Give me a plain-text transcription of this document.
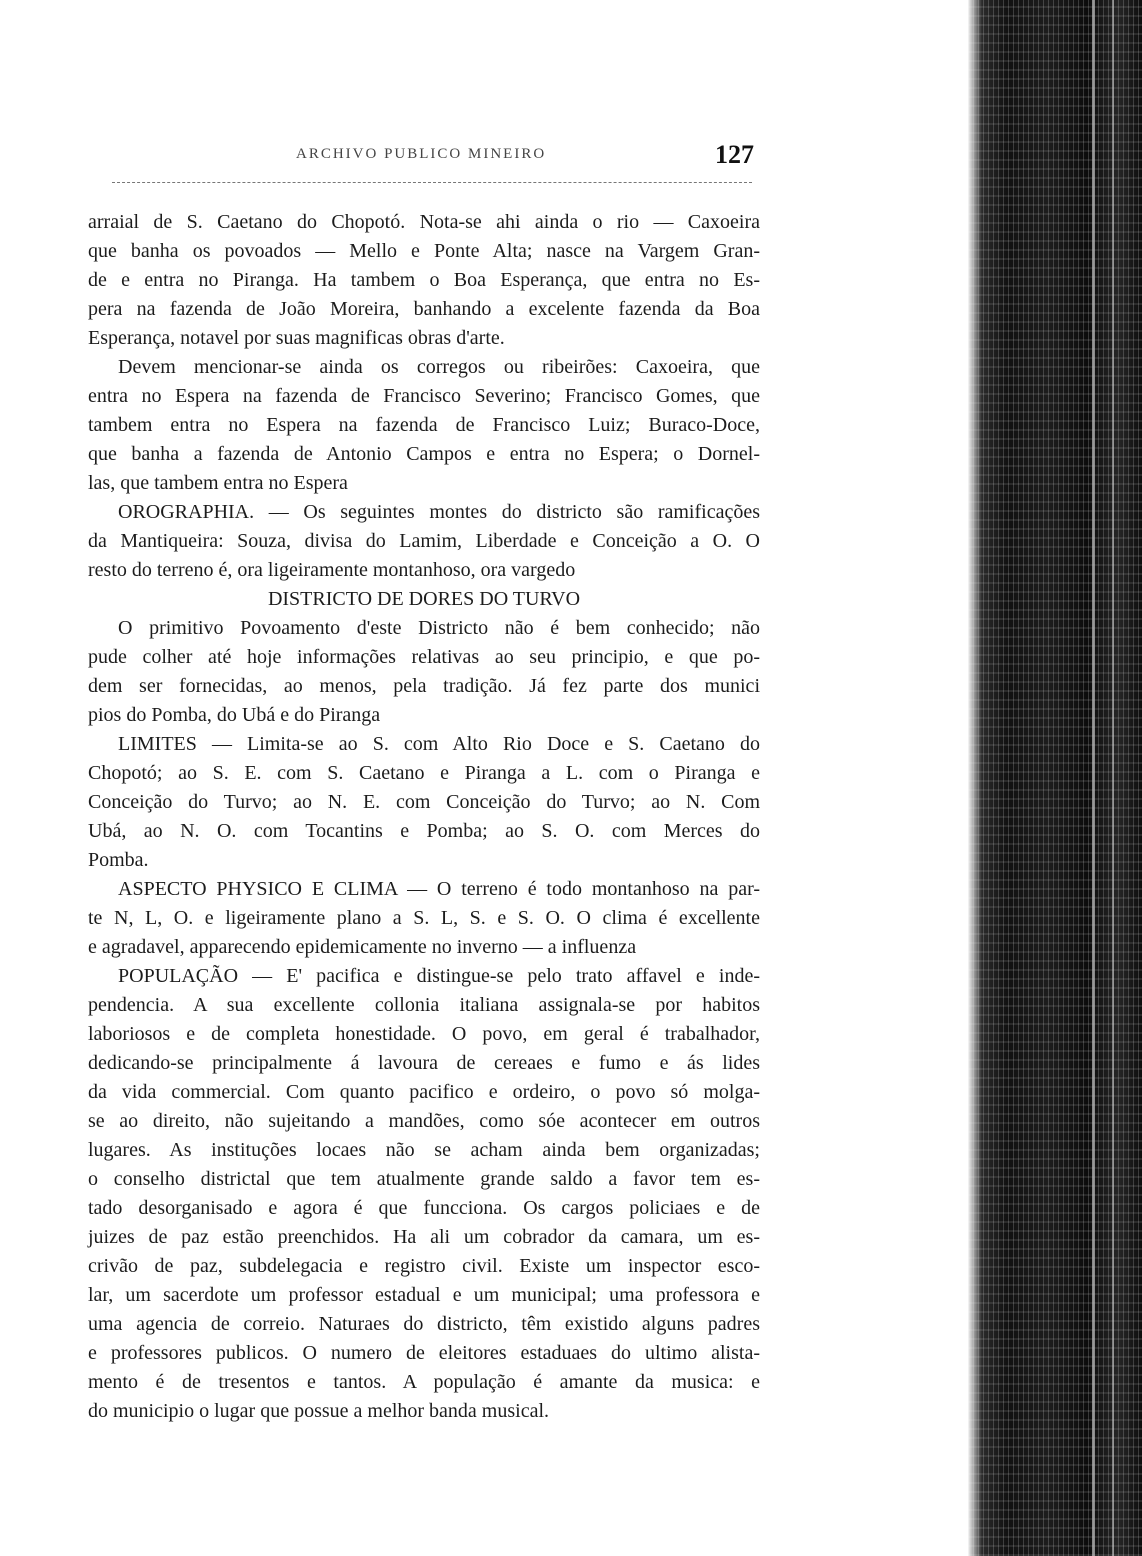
ARCHIVO PUBLICO MINEIRO	127
arraial de S. Caetano do Chopotó. Nota-se ahi ainda o rio — Caxoeira
que banha os povoados — Mello e Ponte Alta; nasce na Vargem Gran-
de e entra no Piranga. Ha tambem o Boa Esperança, que entra no Es-
pera na fazenda de João Moreira, banhando a excelente fazenda da Boa
Esperança, notavel por suas magnificas obras d'arte.
Devem mencionar-se ainda os corregos ou ribeirões: Caxoeira, que
entra no Espera na fazenda de Francisco Severino; Francisco Gomes, que
tambem entra no Espera na fazenda de Francisco Luiz; Buraco-Doce,
que banha a fazenda de Antonio Campos e entra no Espera; o Dornel-
las, que tambem entra no Espera
OROGRAPHIA. — Os seguintes montes do districto são ramificações
da Mantiqueira: Souza, divisa do Lamim, Liberdade e Conceição a O. O
resto do terreno é, ora ligeiramente montanhoso, ora vargedo
DISTRICTO DE DORES DO TURVO
O primitivo Povoamento d'este Districto não é bem conhecido; não
pude colher até hoje informações relativas ao seu principio, e que po-
dem ser fornecidas, ao menos, pela tradição. Já fez parte dos munici
pios do Pomba, do Ubá e do Piranga
LIMITES — Limita-se ao S. com Alto Rio Doce e S. Caetano do
Chopotó; ao S. E. com S. Caetano e Piranga a L. com o Piranga e
Conceição do Turvo; ao N. E. com Conceição do Turvo; ao N. Com
Ubá, ao N. O. com Tocantins e Pomba; ao S. O. com Merces do
Pomba.
ASPECTO PHYSICO E CLIMA — O terreno é todo montanhoso na par-
te N, L, O. e ligeiramente plano a S. L, S. e S. O. O clima é excellente
e agradavel, apparecendo epidemicamente no inverno — a influenza
POPULAÇÃO — E' pacifica e distingue-se pelo trato affavel e inde-
pendencia. A sua excellente collonia italiana assignala-se por habitos
laboriosos e de completa honestidade. O povo, em geral é trabalhador,
dedicando-se principalmente á lavoura de cereaes e fumo e ás lides
da vida commercial. Com quanto pacifico e ordeiro, o povo só molga-
se ao direito, não sujeitando a mandões, como sóe acontecer em outros
lugares. As instituções locaes não se acham ainda bem organizadas;
o conselho districtal que tem atualmente grande saldo a favor tem es-
tado desorganisado e agora é que funcciona. Os cargos policiaes e de
juizes de paz estão preenchidos. Ha ali um cobrador da camara, um es-
crivão de paz, subdelegacia e registro civil. Existe um inspector esco-
lar, um sacerdote um professor estadual e um municipal; uma professora e
uma agencia de correio. Naturaes do districto, têm existido alguns padres
e professores publicos. O numero de eleitores estaduaes do ultimo alista-
mento é de tresentos e tantos. A população é amante da musica: e
do municipio o lugar que possue a melhor banda musical.
